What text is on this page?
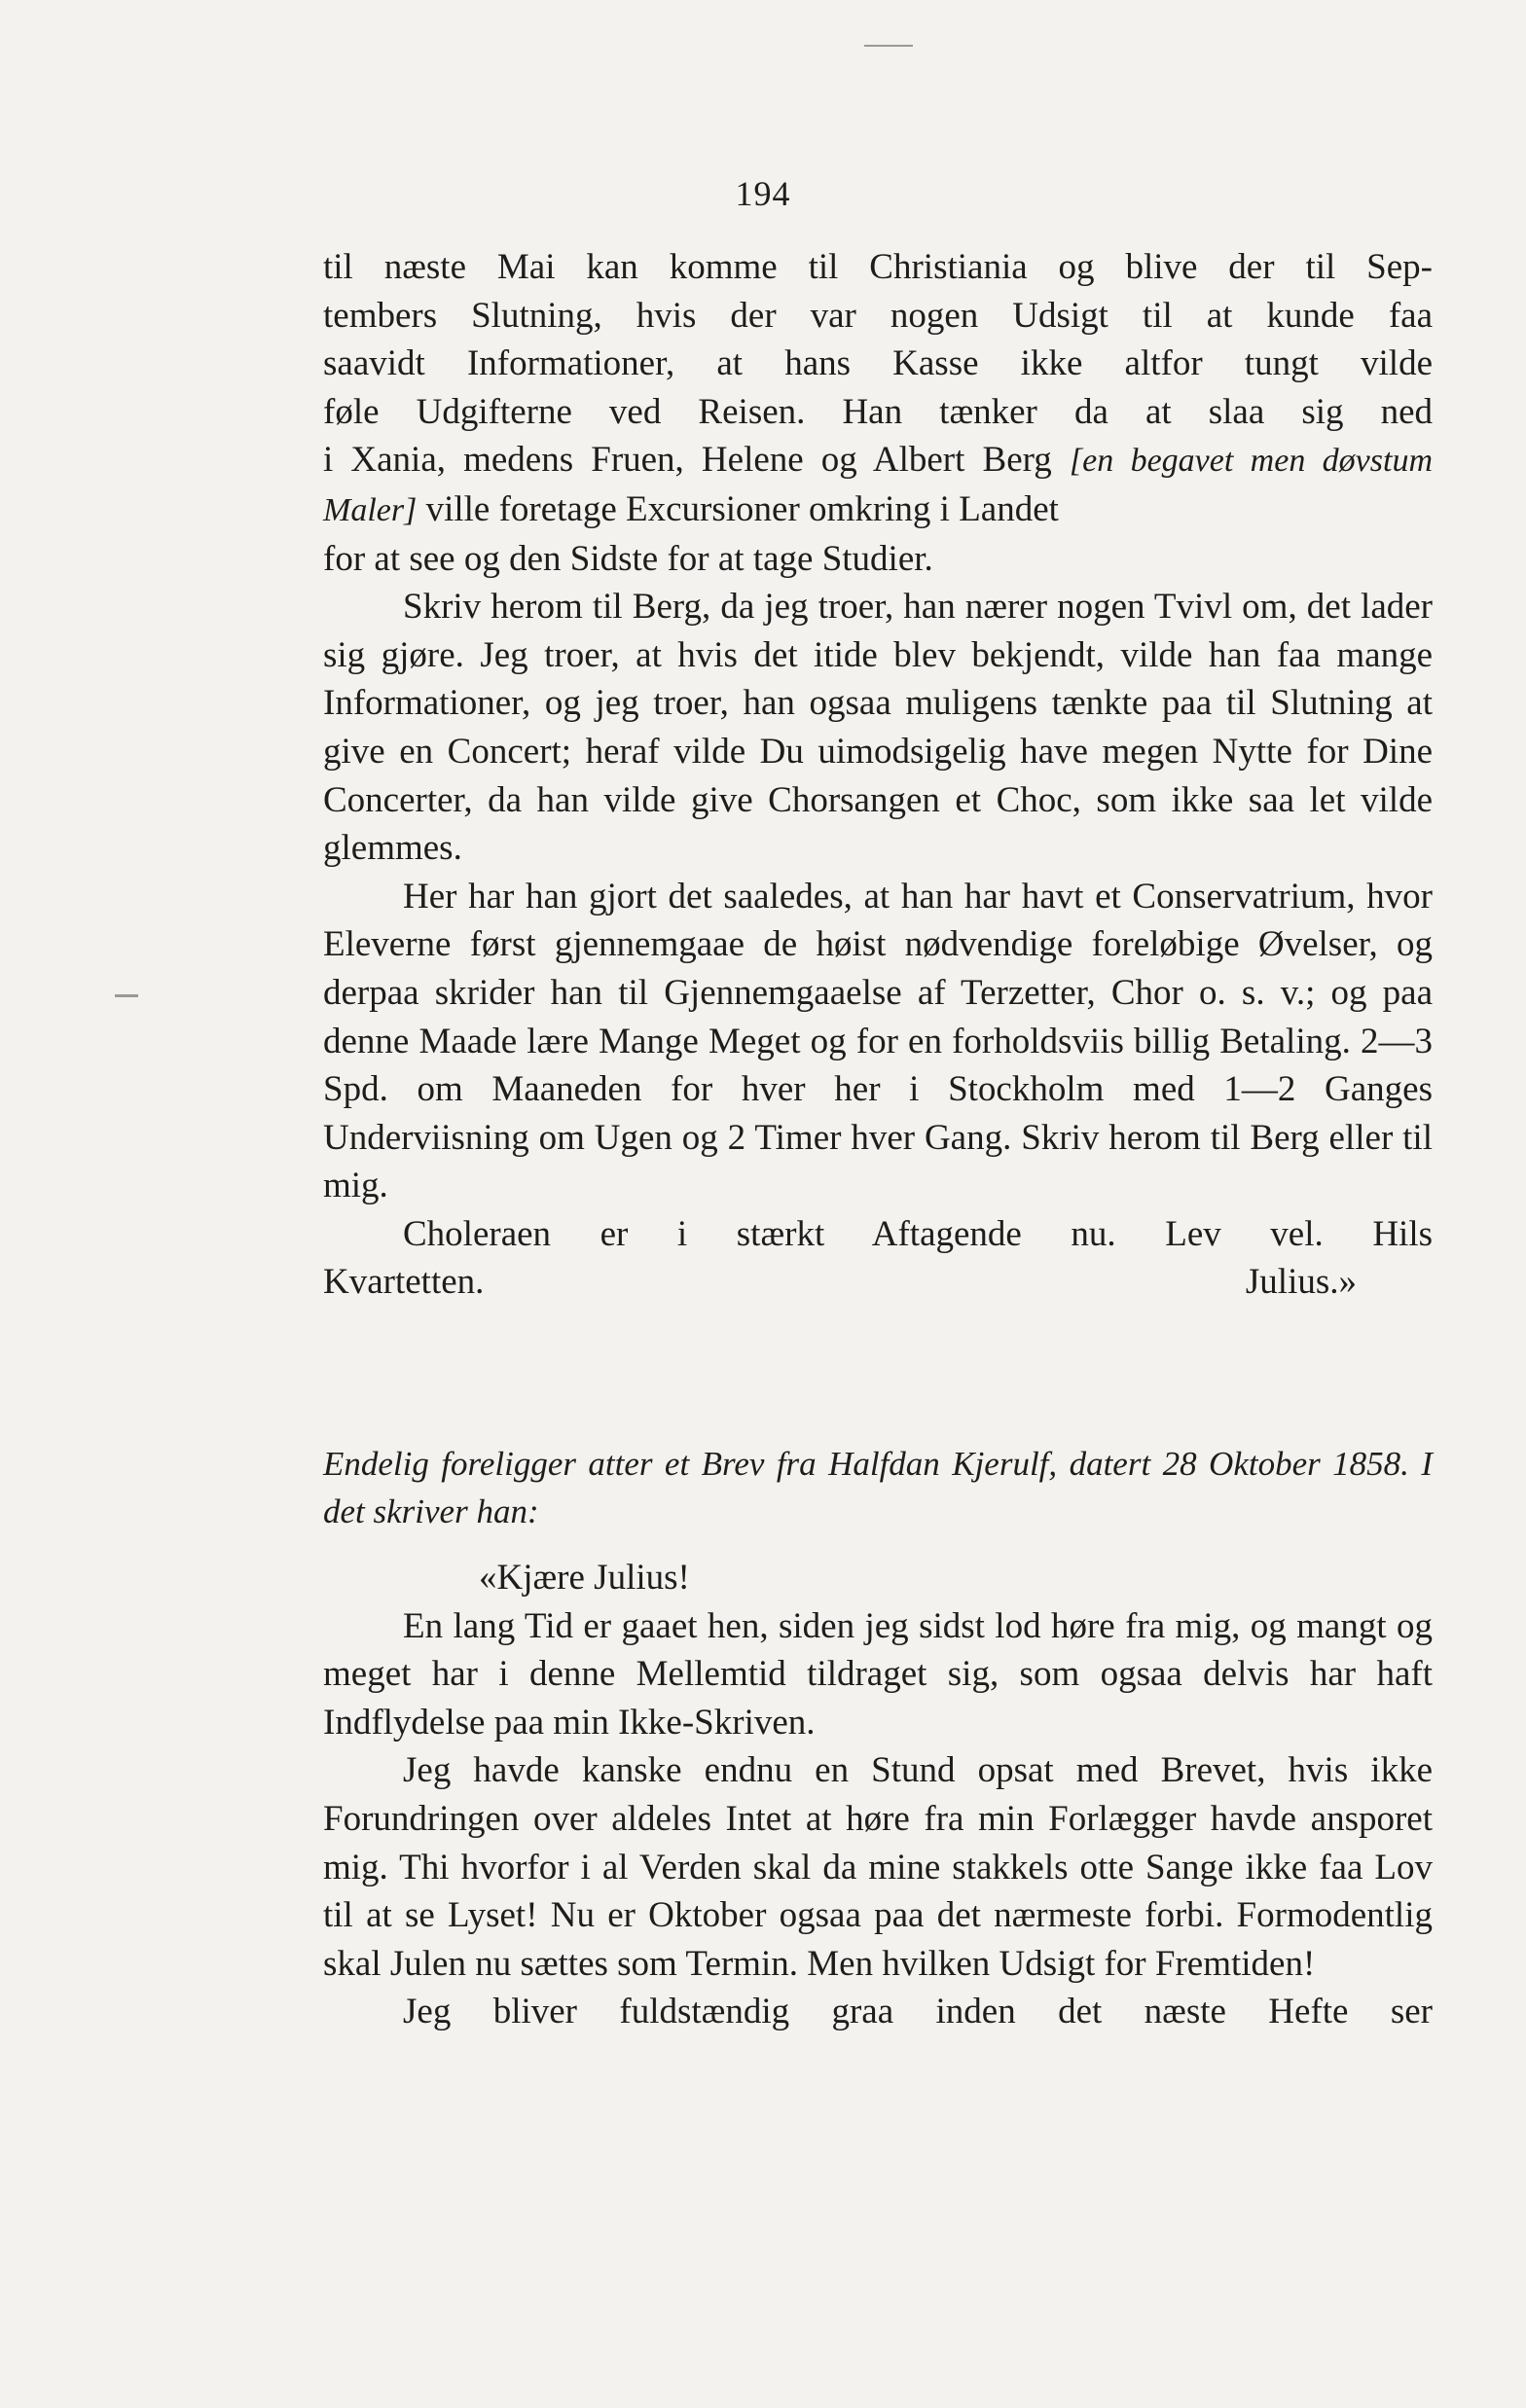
194

til næste Mai kan komme til Christiania og blive der til Sep-

tembers Slutning, hvis der var nogen Udsigt til at kunde faa

saavidt Informationer, at hans Kasse ikke altfor tungt vilde

føle Udgifterne ved Reisen. Han tænker da at slaa sig ned

i Xania, medens Fruen, Helene og Albert Berg [en begavet men døvstum Maler] ville foretage Excursioner omkring i Landet

for at see og den Sidste for at tage Studier.

Skriv herom til Berg, da jeg troer, han nærer nogen Tvivl om, det lader sig gjøre. Jeg troer, at hvis det itide blev bekjendt, vilde han faa mange Informationer, og jeg troer, han ogsaa muligens tænkte paa til Slutning at give en Concert; heraf vilde Du uimodsigelig have megen Nytte for Dine Concerter, da han vilde give Chorsangen et Choc, som ikke saa let vilde glemmes.

Her har han gjort det saaledes, at han har havt et Conservatrium, hvor Eleverne først gjennemgaae de høist nødvendige foreløbige Øvelser, og derpaa skrider han til Gjennemgaaelse af Terzetter, Chor o. s. v.; og paa denne Maade lære Mange Meget og for en forholdsviis billig Betaling. 2—3 Spd. om Maaneden for hver her i Stockholm med 1—2 Ganges Underviisning om Ugen og 2 Timer hver Gang. Skriv herom til Berg eller til mig.

Choleraen er i stærkt Aftagende nu. Lev vel. Hils

Kvartetten.	Julius.»

Endelig foreligger atter et Brev fra Halfdan Kjerulf, datert 28 Oktober 1858. I det skriver han:

«Kjære Julius!

En lang Tid er gaaet hen, siden jeg sidst lod høre fra mig, og mangt og meget har i denne Mellemtid tildraget sig, som ogsaa delvis har haft Indflydelse paa min Ikke-Skriven.

Jeg havde kanske endnu en Stund opsat med Brevet, hvis ikke Forundringen over aldeles Intet at høre fra min Forlægger havde ansporet mig. Thi hvorfor i al Verden skal da mine stakkels otte Sange ikke faa Lov til at se Lyset! Nu er Oktober ogsaa paa det nærmeste forbi. Formodentlig skal Julen nu sættes som Termin. Men hvilken Udsigt for Fremtiden!

Jeg bliver fuldstændig graa inden det næste Hefte ser
